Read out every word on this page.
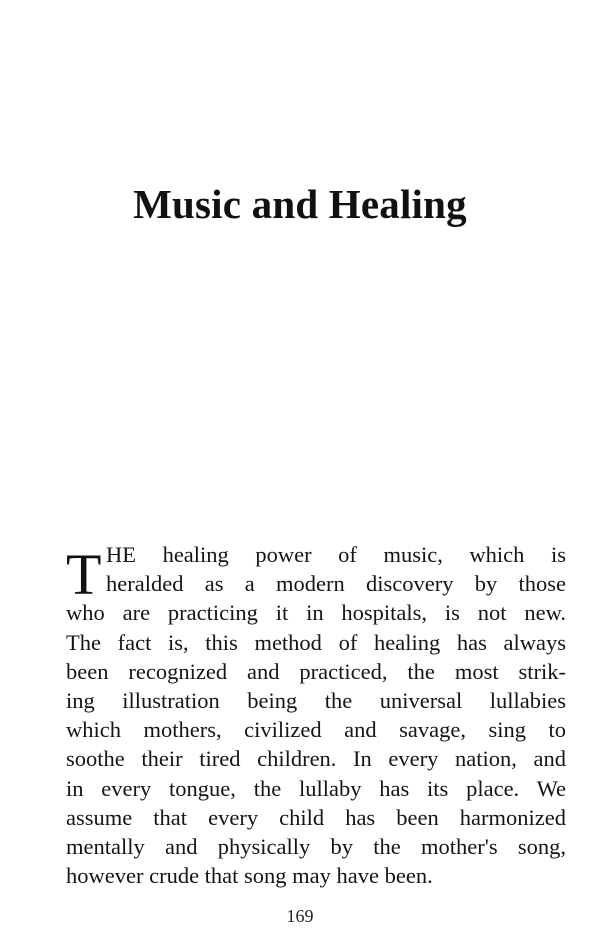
Music and Healing
T HE healing power of music, which is
heralded as a modern discovery by those
who are practicing it in hospitals, is not new.
The fact is, this method of healing has always
been recognized and practiced, the most strik-
ing illustration being the universal lullabies
which mothers, civilized and savage, sing to
soothe their tired children. In every nation, and
in every tongue, the lullaby has its place. We
assume that every child has been harmonized
mentally and physically by the mother's song,
however crude that song may have been.
169
